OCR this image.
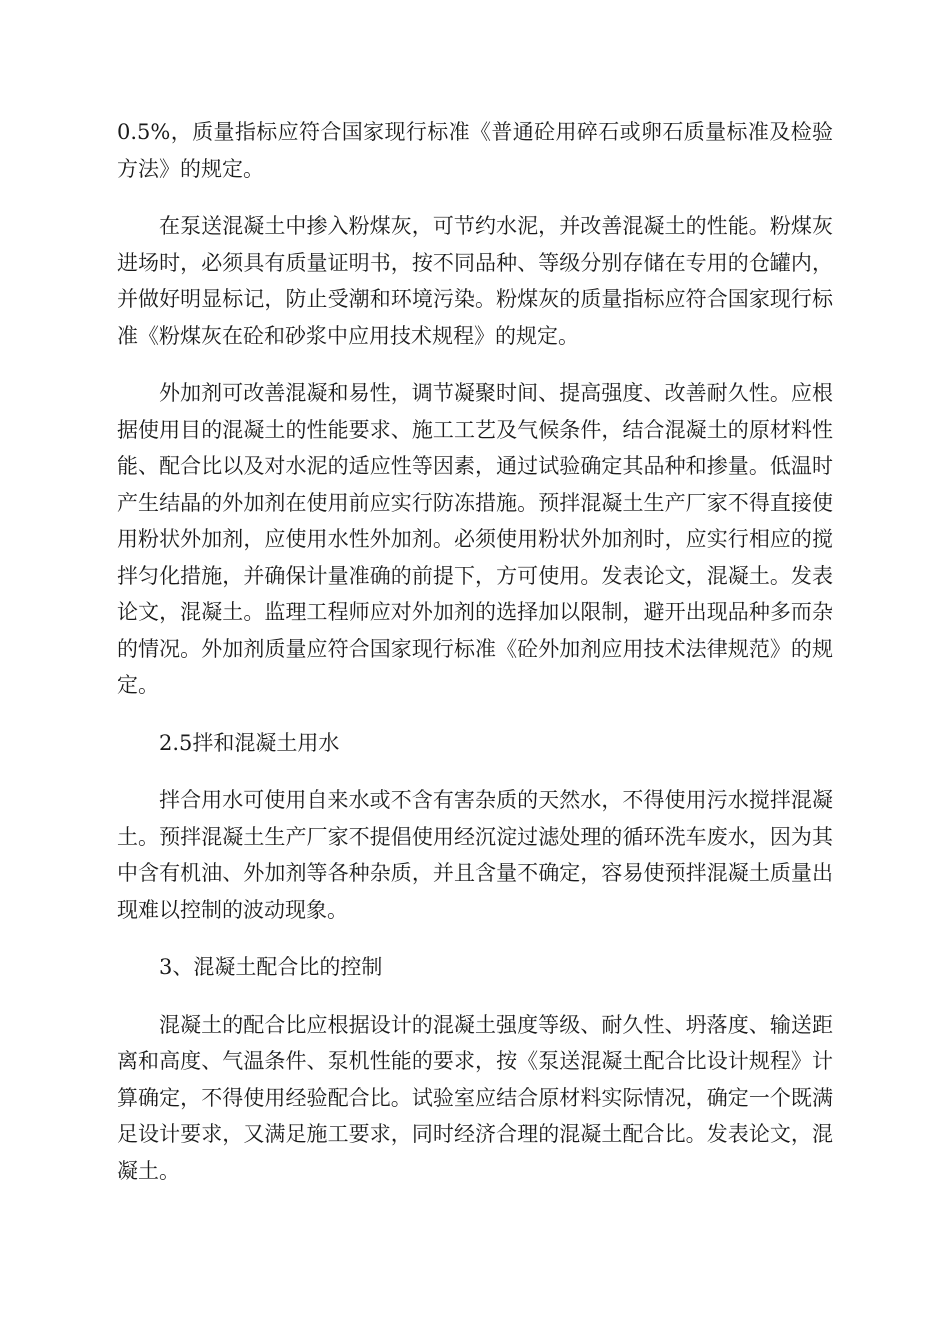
0.5%，质量指标应符合国家现行标准《普通砼用碎石或卵石质量标准及检验方法》的规定。

在泵送混凝土中掺入粉煤灰，可节约水泥，并改善混凝土的性能。粉煤灰进场时，必须具有质量证明书，按不同品种、等级分别存储在专用的仓罐内，并做好明显标记，防止受潮和环境污染。粉煤灰的质量指标应符合国家现行标准《粉煤灰在砼和砂浆中应用技术规程》的规定。

外加剂可改善混凝和易性，调节凝聚时间、提高强度、改善耐久性。应根据使用目的混凝土的性能要求、施工工艺及气候条件，结合混凝土的原材料性能、配合比以及对水泥的适应性等因素，通过试验确定其品种和掺量。低温时产生结晶的外加剂在使用前应实行防冻措施。预拌混凝土生产厂家不得直接使用粉状外加剂，应使用水性外加剂。必须使用粉状外加剂时，应实行相应的搅拌匀化措施，并确保计量准确的前提下，方可使用。发表论文，混凝土。发表论文，混凝土。监理工程师应对外加剂的选择加以限制，避开出现品种多而杂的情况。外加剂质量应符合国家现行标准《砼外加剂应用技术法律规范》的规定。

2.5拌和混凝土用水

拌合用水可使用自来水或不含有害杂质的天然水，不得使用污水搅拌混凝土。预拌混凝土生产厂家不提倡使用经沉淀过滤处理的循环洗车废水，因为其中含有机油、外加剂等各种杂质，并且含量不确定，容易使预拌混凝土质量出现难以控制的波动现象。

3、混凝土配合比的控制

混凝土的配合比应根据设计的混凝土强度等级、耐久性、坍落度、输送距离和高度、气温条件、泵机性能的要求，按《泵送混凝土配合比设计规程》计算确定，不得使用经验配合比。试验室应结合原材料实际情况，确定一个既满足设计要求，又满足施工要求，同时经济合理的混凝土配合比。发表论文，混凝土。
